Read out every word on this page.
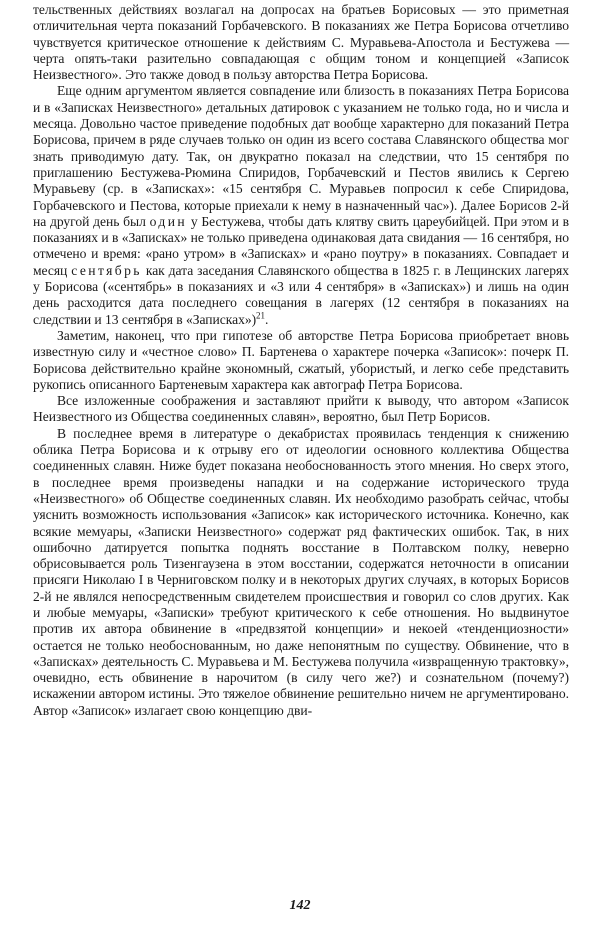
тельственных действиях возлагал на допросах на братьев Борисовых — это приметная отличительная черта показаний Горбачевского. В показаниях же Петра Борисова отчетливо чувствуется критическое отношение к действиям С. Муравьева-Апостола и Бестужева — черта опять-таки разительно совпадающая с общим тоном и концепцией «Записок Неизвестного». Это также довод в пользу авторства Петра Борисова.

Еще одним аргументом является совпадение или близость в показаниях Петра Борисова и в «Записках Неизвестного» детальных датировок с указанием не только года, но и числа и месяца. Довольно частое приведение подобных дат вообще характерно для показаний Петра Борисова, причем в ряде случаев только он один из всего состава Славянского общества мог знать приводимую дату. Так, он двукратно показал на следствии, что 15 сентября по приглашению Бестужева-Рюмина Спиридов, Горбачевский и Пестов явились к Сергею Муравьеву (ср. в «Записках»: «15 сентября С. Муравьев попросил к себе Спиридова, Горбачевского и Пестова, которые приехали к нему в назначенный час»). Далее Борисов 2-й на другой день был один у Бестужева, чтобы дать клятву свить цареубийцей. При этом и в показаниях и в «Записках» не только приведена одинаковая дата свидания — 16 сентября, но отмечено и время: «рано утром» в «Записках» и «рано поутру» в показаниях. Совпадает и месяц сентябрь как дата заседания Славянского общества в 1825 г. в Лещинских лагерях у Борисова («сентябрь» в показаниях и «3 или 4 сентября» в «Записках») и лишь на один день расходится дата последнего совещания в лагерях (12 сентября в показаниях на следствии и 13 сентября в «Записках»)$^{21}$.

Заметим, наконец, что при гипотезе об авторстве Петра Борисова приобретает вновь известную силу и «честное слово» П. Бартенева о характере почерка «Записок»: почерк П. Борисова действительно крайне экономный, сжатый, убористый, и легко себе представить рукопись описанного Бартеневым характера как автограф Петра Борисова.

Все изложенные соображения и заставляют прийти к выводу, что автором «Записок Неизвестного из Общества соединенных славян», вероятно, был Петр Борисов.

В последнее время в литературе о декабристах проявилась тенденция к снижению облика Петра Борисова и к отрыву его от идеологии основного коллектива Общества соединенных славян. Ниже будет показана необоснованность этого мнения. Но сверх этого, в последнее время произведены нападки и на содержание исторического труда «Неизвестного» об Обществе соединенных славян. Их необходимо разобрать сейчас, чтобы уяснить возможность использования «Записок» как исторического источника. Конечно, как всякие мемуары, «Записки Неизвестного» содержат ряд фактических ошибок. Так, в них ошибочно датируется попытка поднять восстание в Полтавском полку, неверно обрисовывается роль Тизенгаузена в этом восстании, содержатся неточности в описании присяги Николаю I в Черниговском полку и в некоторых других случаях, в которых Борисов 2-й не являлся непосредственным свидетелем происшествия и говорил со слов других. Как и любые мемуары, «Записки» требуют критического к себе отношения. Но выдвинутое против их автора обвинение в «предвзятой концепции» и некоей «тенденциозности» остается не только необоснованным, но даже непонятным по существу. Обвинение, что в «Записках» деятельность С. Муравьева и М. Бестужева получила «извращенную трактовку», очевидно, есть обвинение в нарочитом (в силу чего же?) и сознательном (почему?) искажении автором истины. Это тяжелое обвинение решительно ничем не аргументировано. Автор «Записок» излагает свою концепцию дви-

142
